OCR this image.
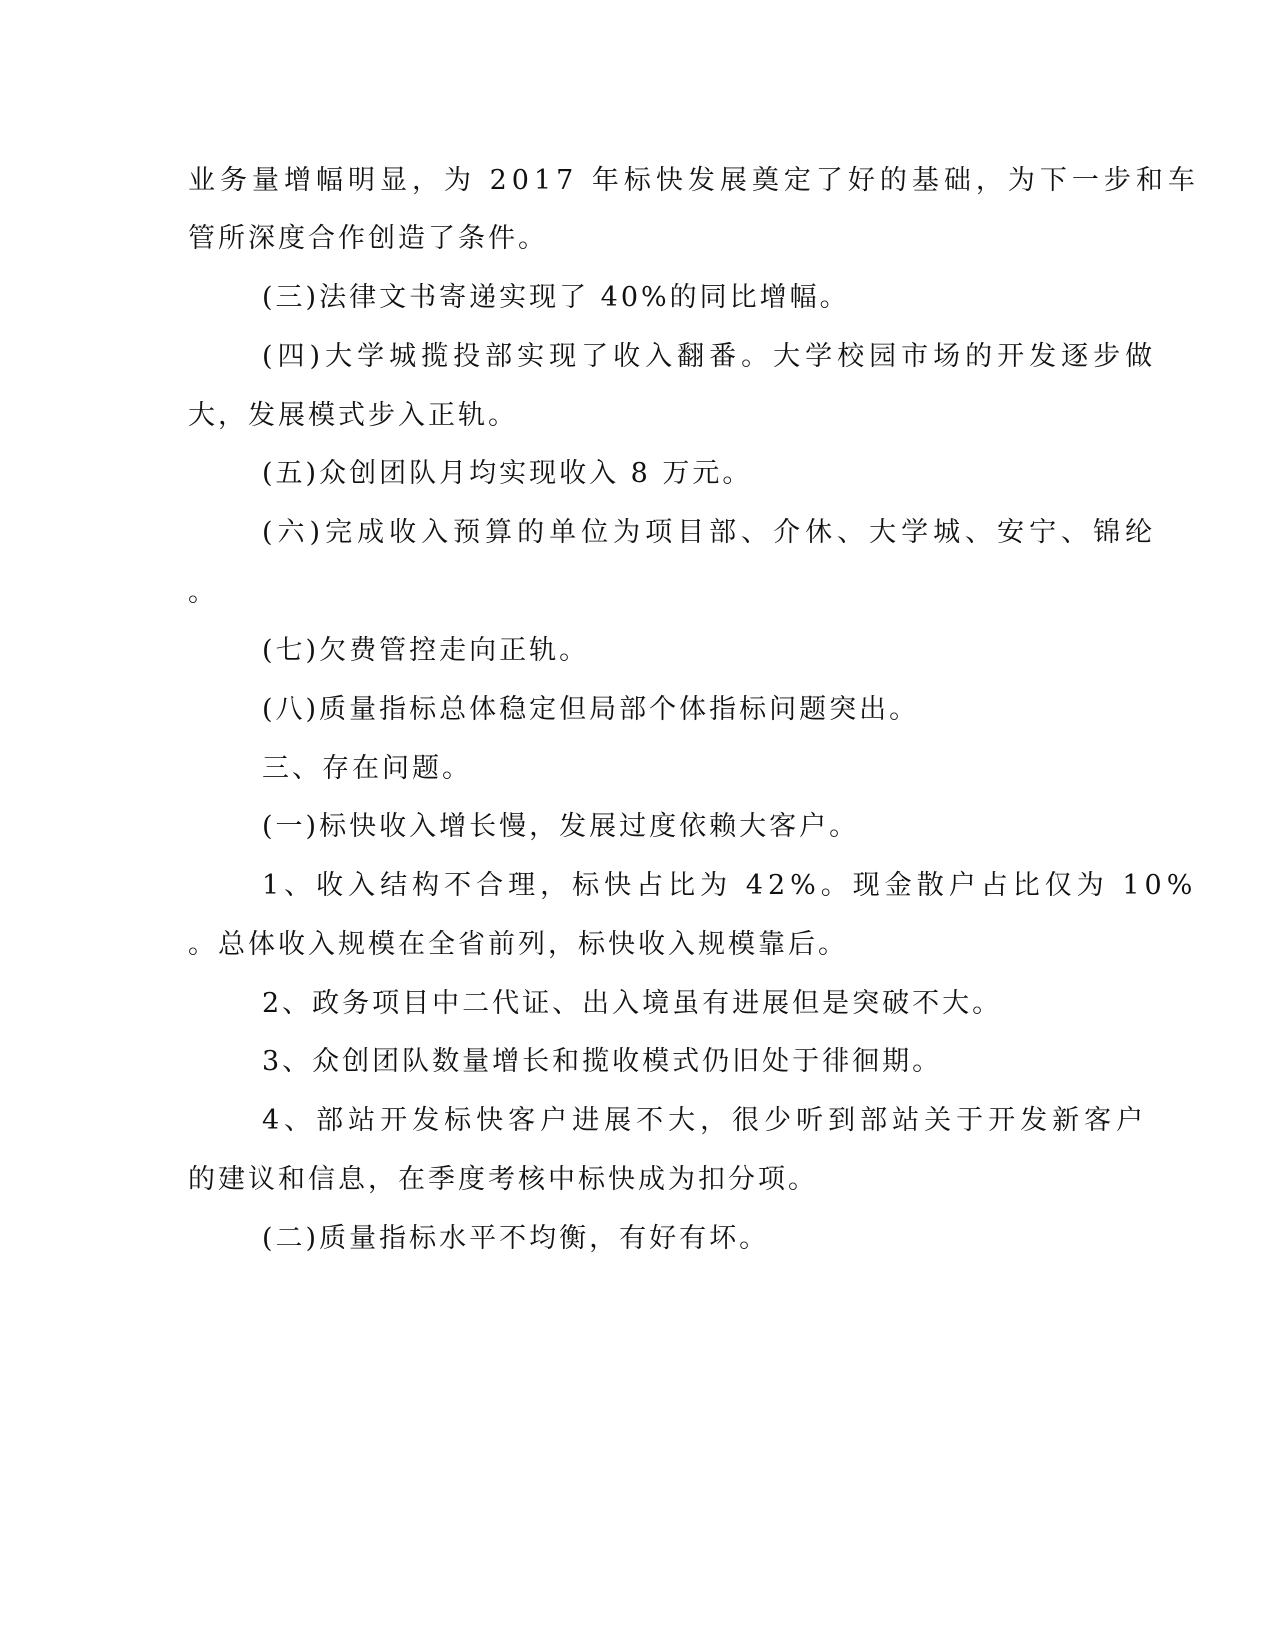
业务量增幅明显，为 2017 年标快发展奠定了好的基础，为下一步和车
管所深度合作创造了条件。
(三)法律文书寄递实现了 40%的同比增幅。
(四)大学城揽投部实现了收入翻番。大学校园市场的开发逐步做
大，发展模式步入正轨。
(五)众创团队月均实现收入 8 万元。
(六)完成收入预算的单位为项目部、介休、大学城、安宁、锦纶
。
(七)欠费管控走向正轨。
(八)质量指标总体稳定但局部个体指标问题突出。
三、存在问题。
(一)标快收入增长慢，发展过度依赖大客户。
1、收入结构不合理，标快占比为 42%。现金散户占比仅为 10%
。总体收入规模在全省前列，标快收入规模靠后。
2、政务项目中二代证、出入境虽有进展但是突破不大。
3、众创团队数量增长和揽收模式仍旧处于徘徊期。
4、部站开发标快客户进展不大，很少听到部站关于开发新客户
的建议和信息，在季度考核中标快成为扣分项。
(二)质量指标水平不均衡，有好有坏。
